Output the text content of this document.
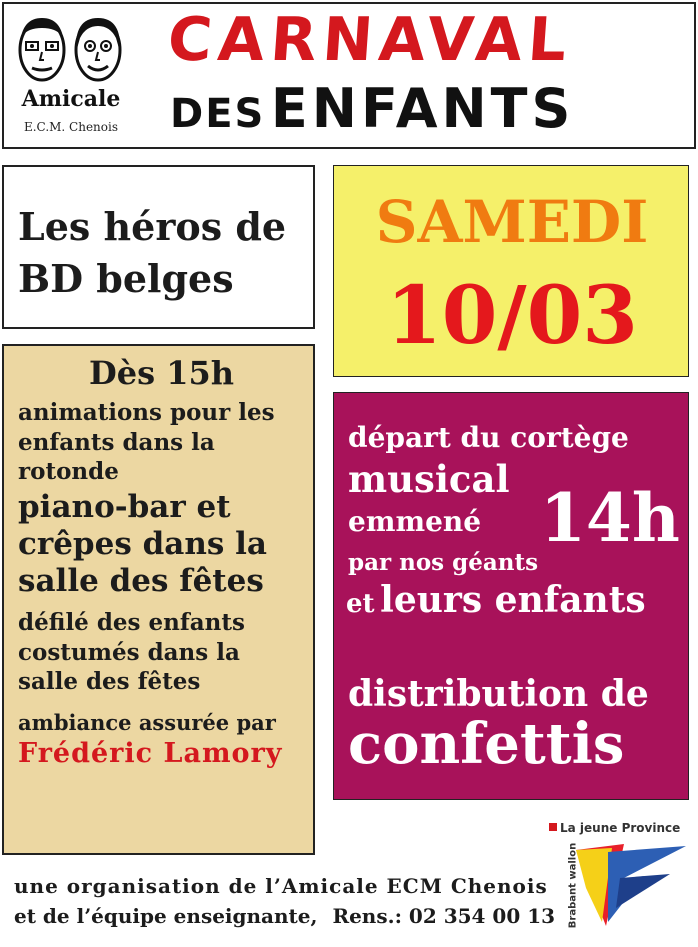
Amicale
E.C.M. Chenois
CARNAVAL
DES ENFANTS
Les héros de
BD belges
SAMEDI
10/03
Dès 15h
animations pour les enfants dans la rotonde
piano-bar et crêpes dans la salle des fêtes
défilé des enfants costumés dans la salle des fêtes
ambiance assurée par
Frédéric Lamory
départ du cortège
musical 14h
emmené
par nos géants
et leurs enfants
distribution de
confettis
une organisation de l’Amicale ECM Chenois
et de l’équipe enseignante, Rens.: 02 354 00 13
La jeune Province
Brabant wallon
